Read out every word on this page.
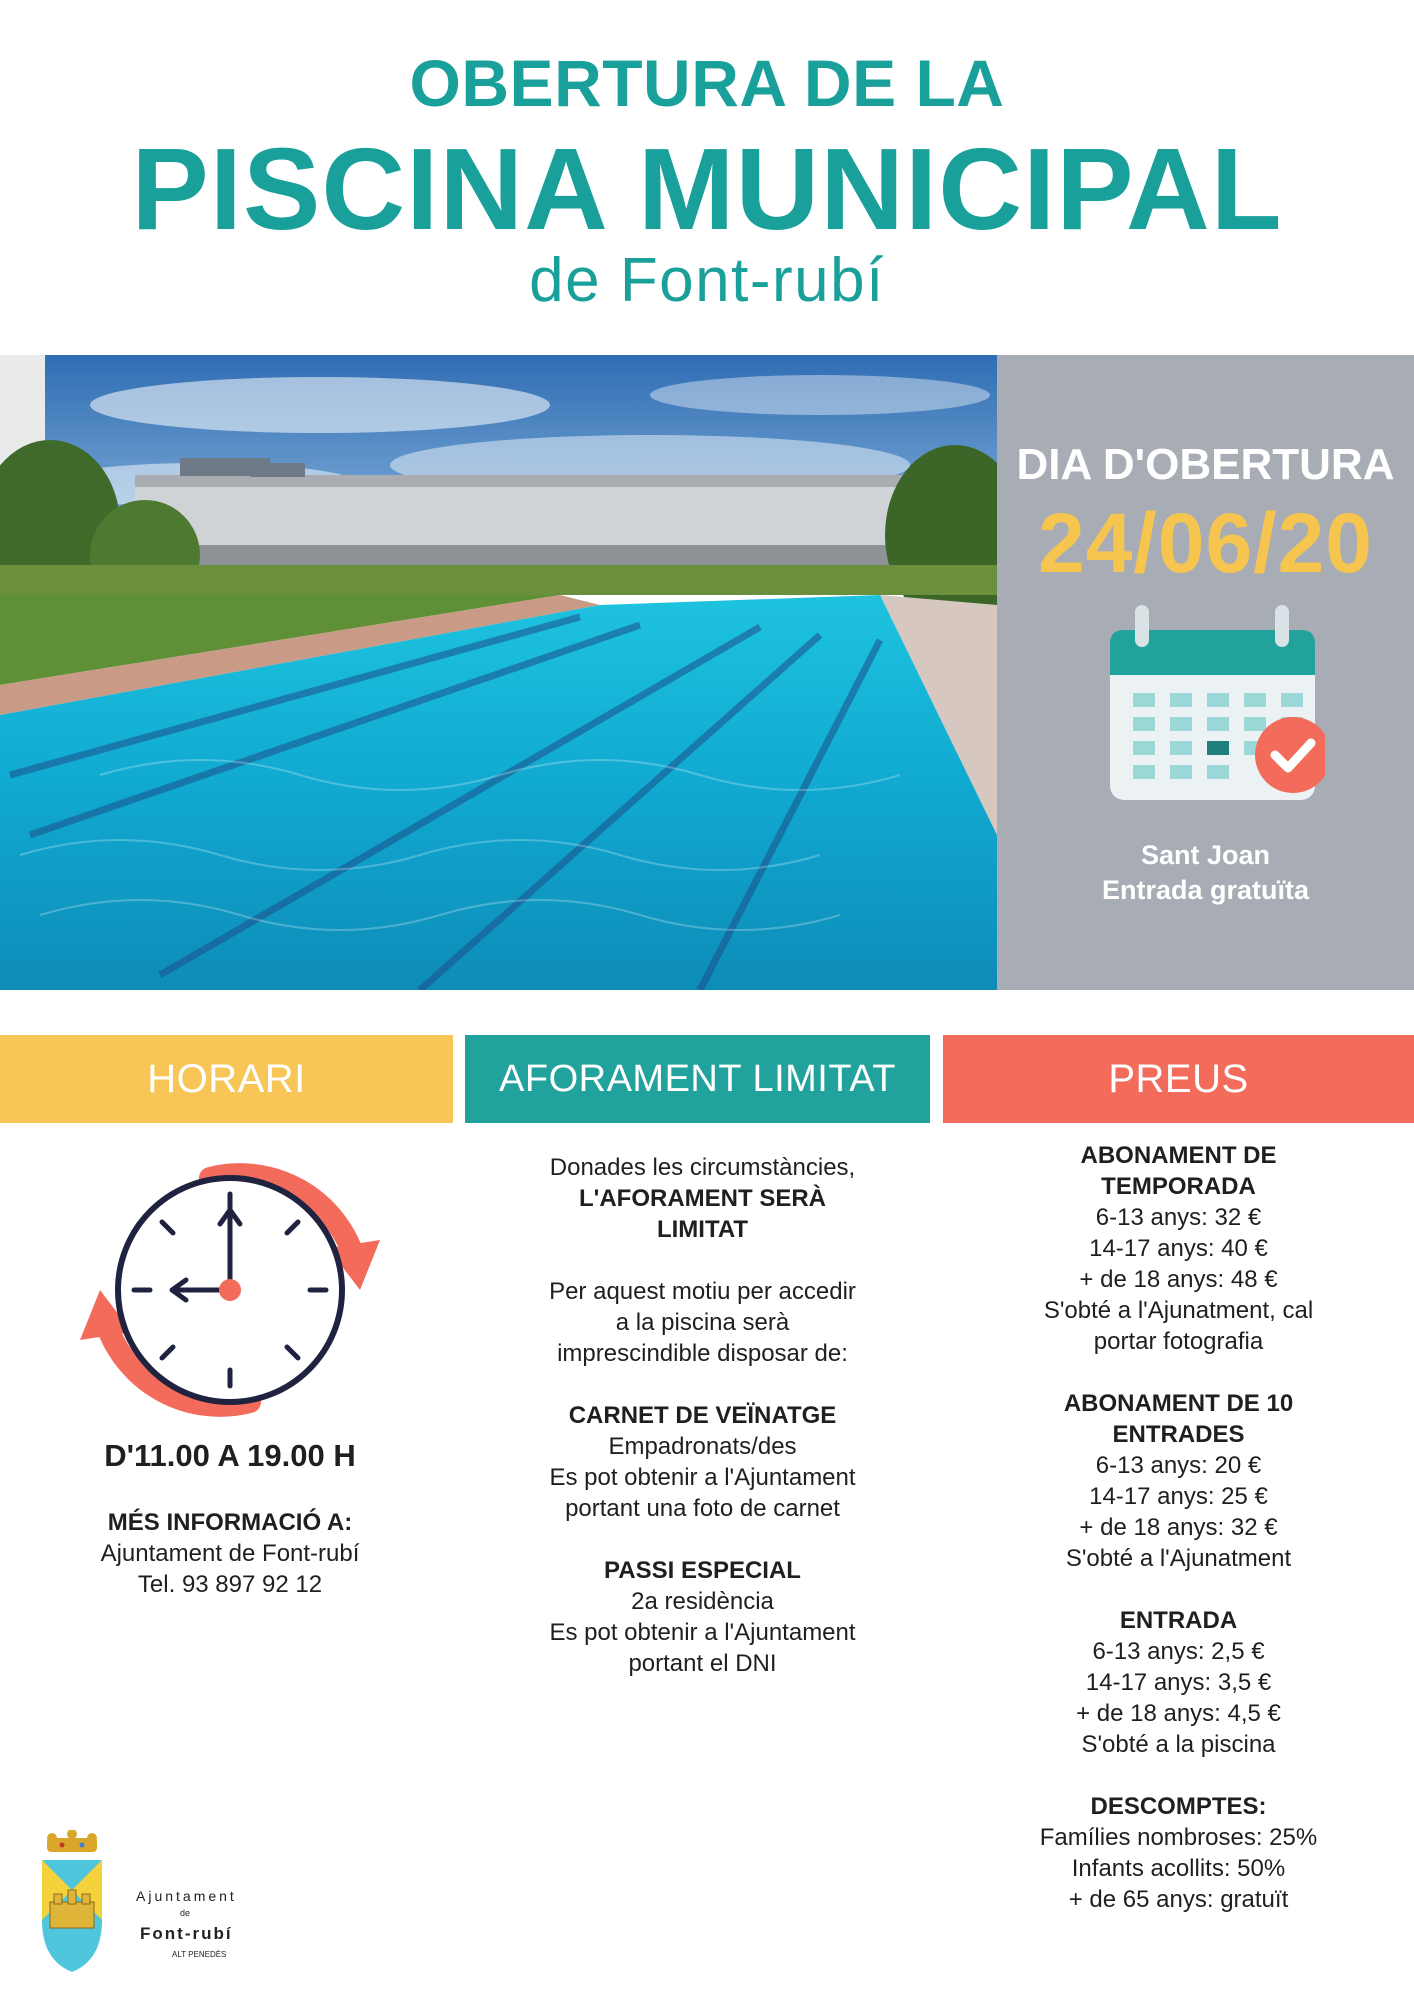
OBERTURA DE LA
PISCINA MUNICIPAL
de Font-rubí
DIA D'OBERTURA
24/06/20
Sant Joan
Entrada gratuïta
HORARI	AFORAMENT LIMITAT	PREUS

D'11.00 A 19.00 H

MÉS INFORMACIÓ A:

Ajuntament de Font-rubí

Tel. 93 897 92 12

Donades les circumstàncies,

L'AFORAMENT SERÀ

LIMITAT

Per aquest motiu per accedir

a la piscina serà

imprescindible disposar de:

CARNET DE VEÏNATGE

Empadronats/des

Es pot obtenir a l'Ajuntament

portant una foto de carnet

PASSI ESPECIAL

2a residència

Es pot obtenir a l'Ajuntament

portant el DNI

ABONAMENT DE

TEMPORADA

6-13 anys: 32 €

14-17 anys: 40 €

+ de 18 anys: 48 €

S'obté a l'Ajunatment, cal

portar fotografia

ABONAMENT DE 10

ENTRADES

6-13 anys: 20 €

14-17 anys: 25 €

+ de 18 anys: 32 €

S'obté a l'Ajunatment

ENTRADA

6-13 anys: 2,5 €

14-17 anys: 3,5 €

+ de 18 anys: 4,5 €

S'obté a la piscina

DESCOMPTES:

Famílies nombroses: 25%

Infants acollits: 50%

+ de 65 anys: gratuït

Ajuntament
de
Font-rubí
ALT PENEDÈS
